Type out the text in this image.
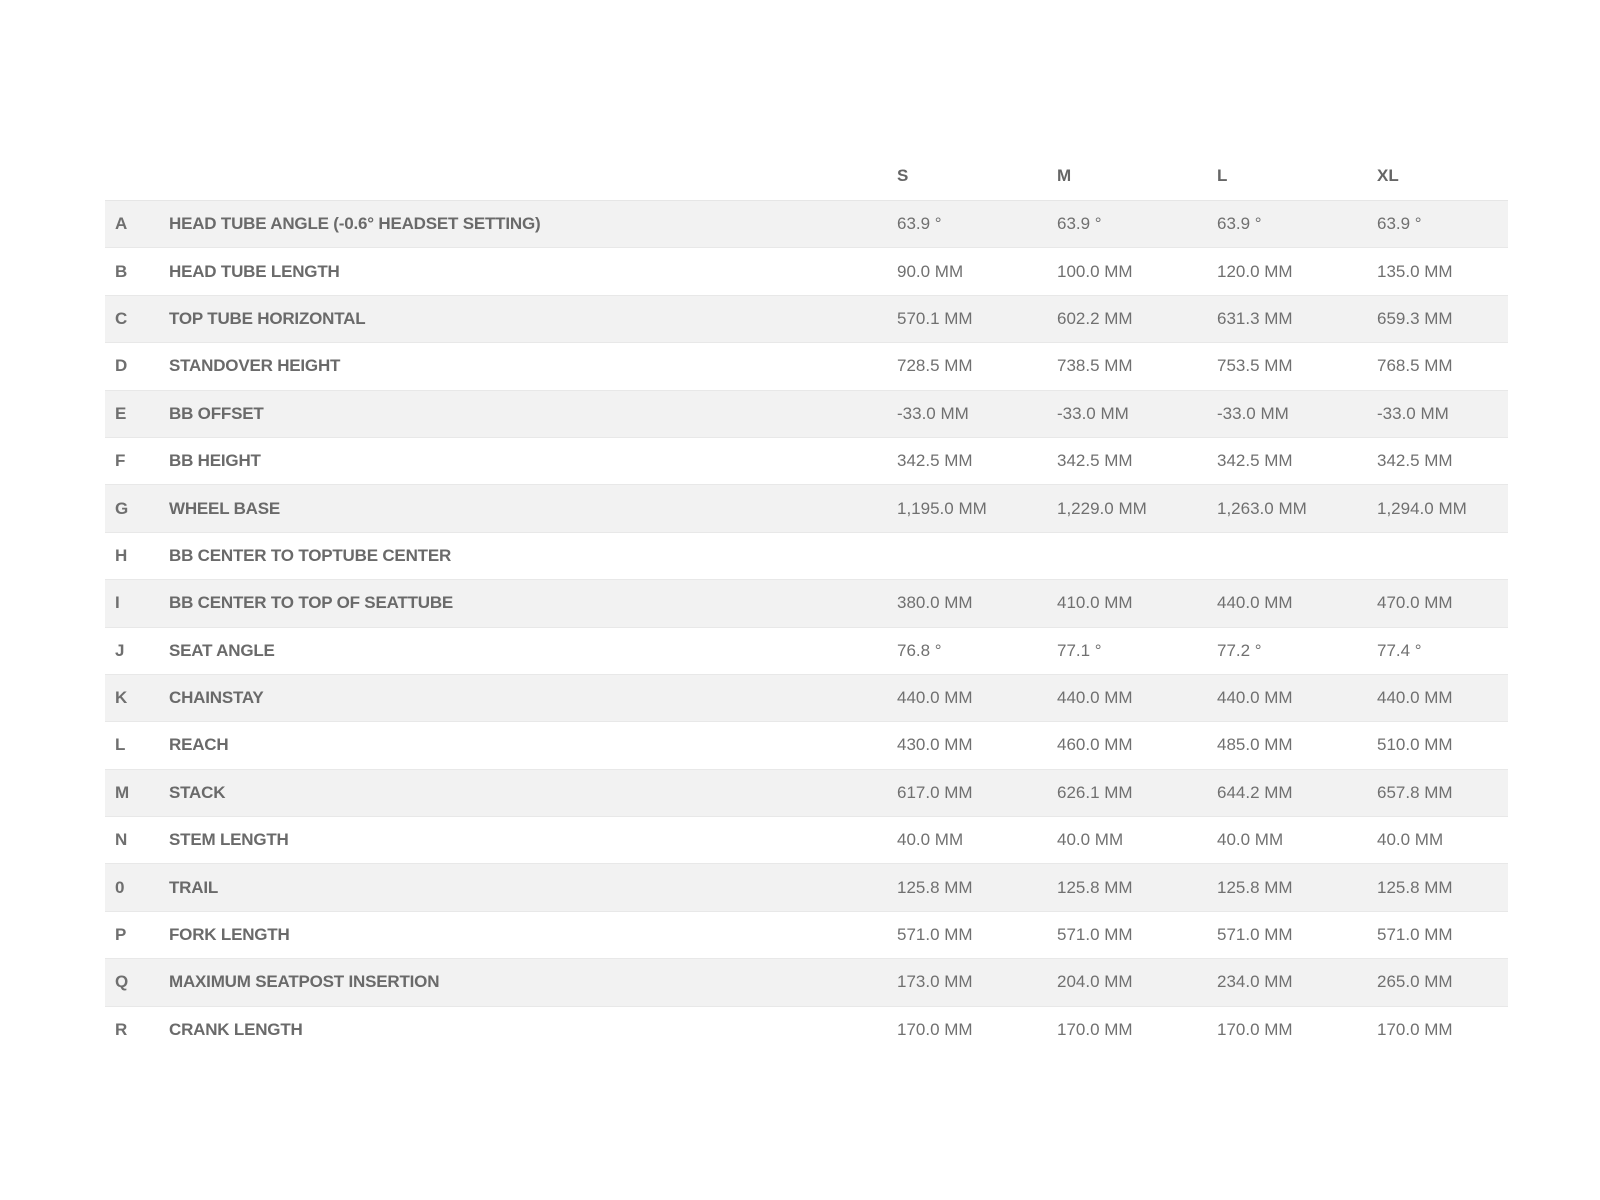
		S	M	L	XL
A	HEAD TUBE ANGLE (-0.6° HEADSET SETTING)	63.9 °	63.9 °	63.9 °	63.9 °
B	HEAD TUBE LENGTH	90.0 MM	100.0 MM	120.0 MM	135.0 MM
C	TOP TUBE HORIZONTAL	570.1 MM	602.2 MM	631.3 MM	659.3 MM
D	STANDOVER HEIGHT	728.5 MM	738.5 MM	753.5 MM	768.5 MM
E	BB OFFSET	-33.0 MM	-33.0 MM	-33.0 MM	-33.0 MM
F	BB HEIGHT	342.5 MM	342.5 MM	342.5 MM	342.5 MM
G	WHEEL BASE	1,195.0 MM	1,229.0 MM	1,263.0 MM	1,294.0 MM
H	BB CENTER TO TOPTUBE CENTER				
I	BB CENTER TO TOP OF SEATTUBE	380.0 MM	410.0 MM	440.0 MM	470.0 MM
J	SEAT ANGLE	76.8 °	77.1 °	77.2 °	77.4 °
K	CHAINSTAY	440.0 MM	440.0 MM	440.0 MM	440.0 MM
L	REACH	430.0 MM	460.0 MM	485.0 MM	510.0 MM
M	STACK	617.0 MM	626.1 MM	644.2 MM	657.8 MM
N	STEM LENGTH	40.0 MM	40.0 MM	40.0 MM	40.0 MM
0	TRAIL	125.8 MM	125.8 MM	125.8 MM	125.8 MM
P	FORK LENGTH	571.0 MM	571.0 MM	571.0 MM	571.0 MM
Q	MAXIMUM SEATPOST INSERTION	173.0 MM	204.0 MM	234.0 MM	265.0 MM
R	CRANK LENGTH	170.0 MM	170.0 MM	170.0 MM	170.0 MM
